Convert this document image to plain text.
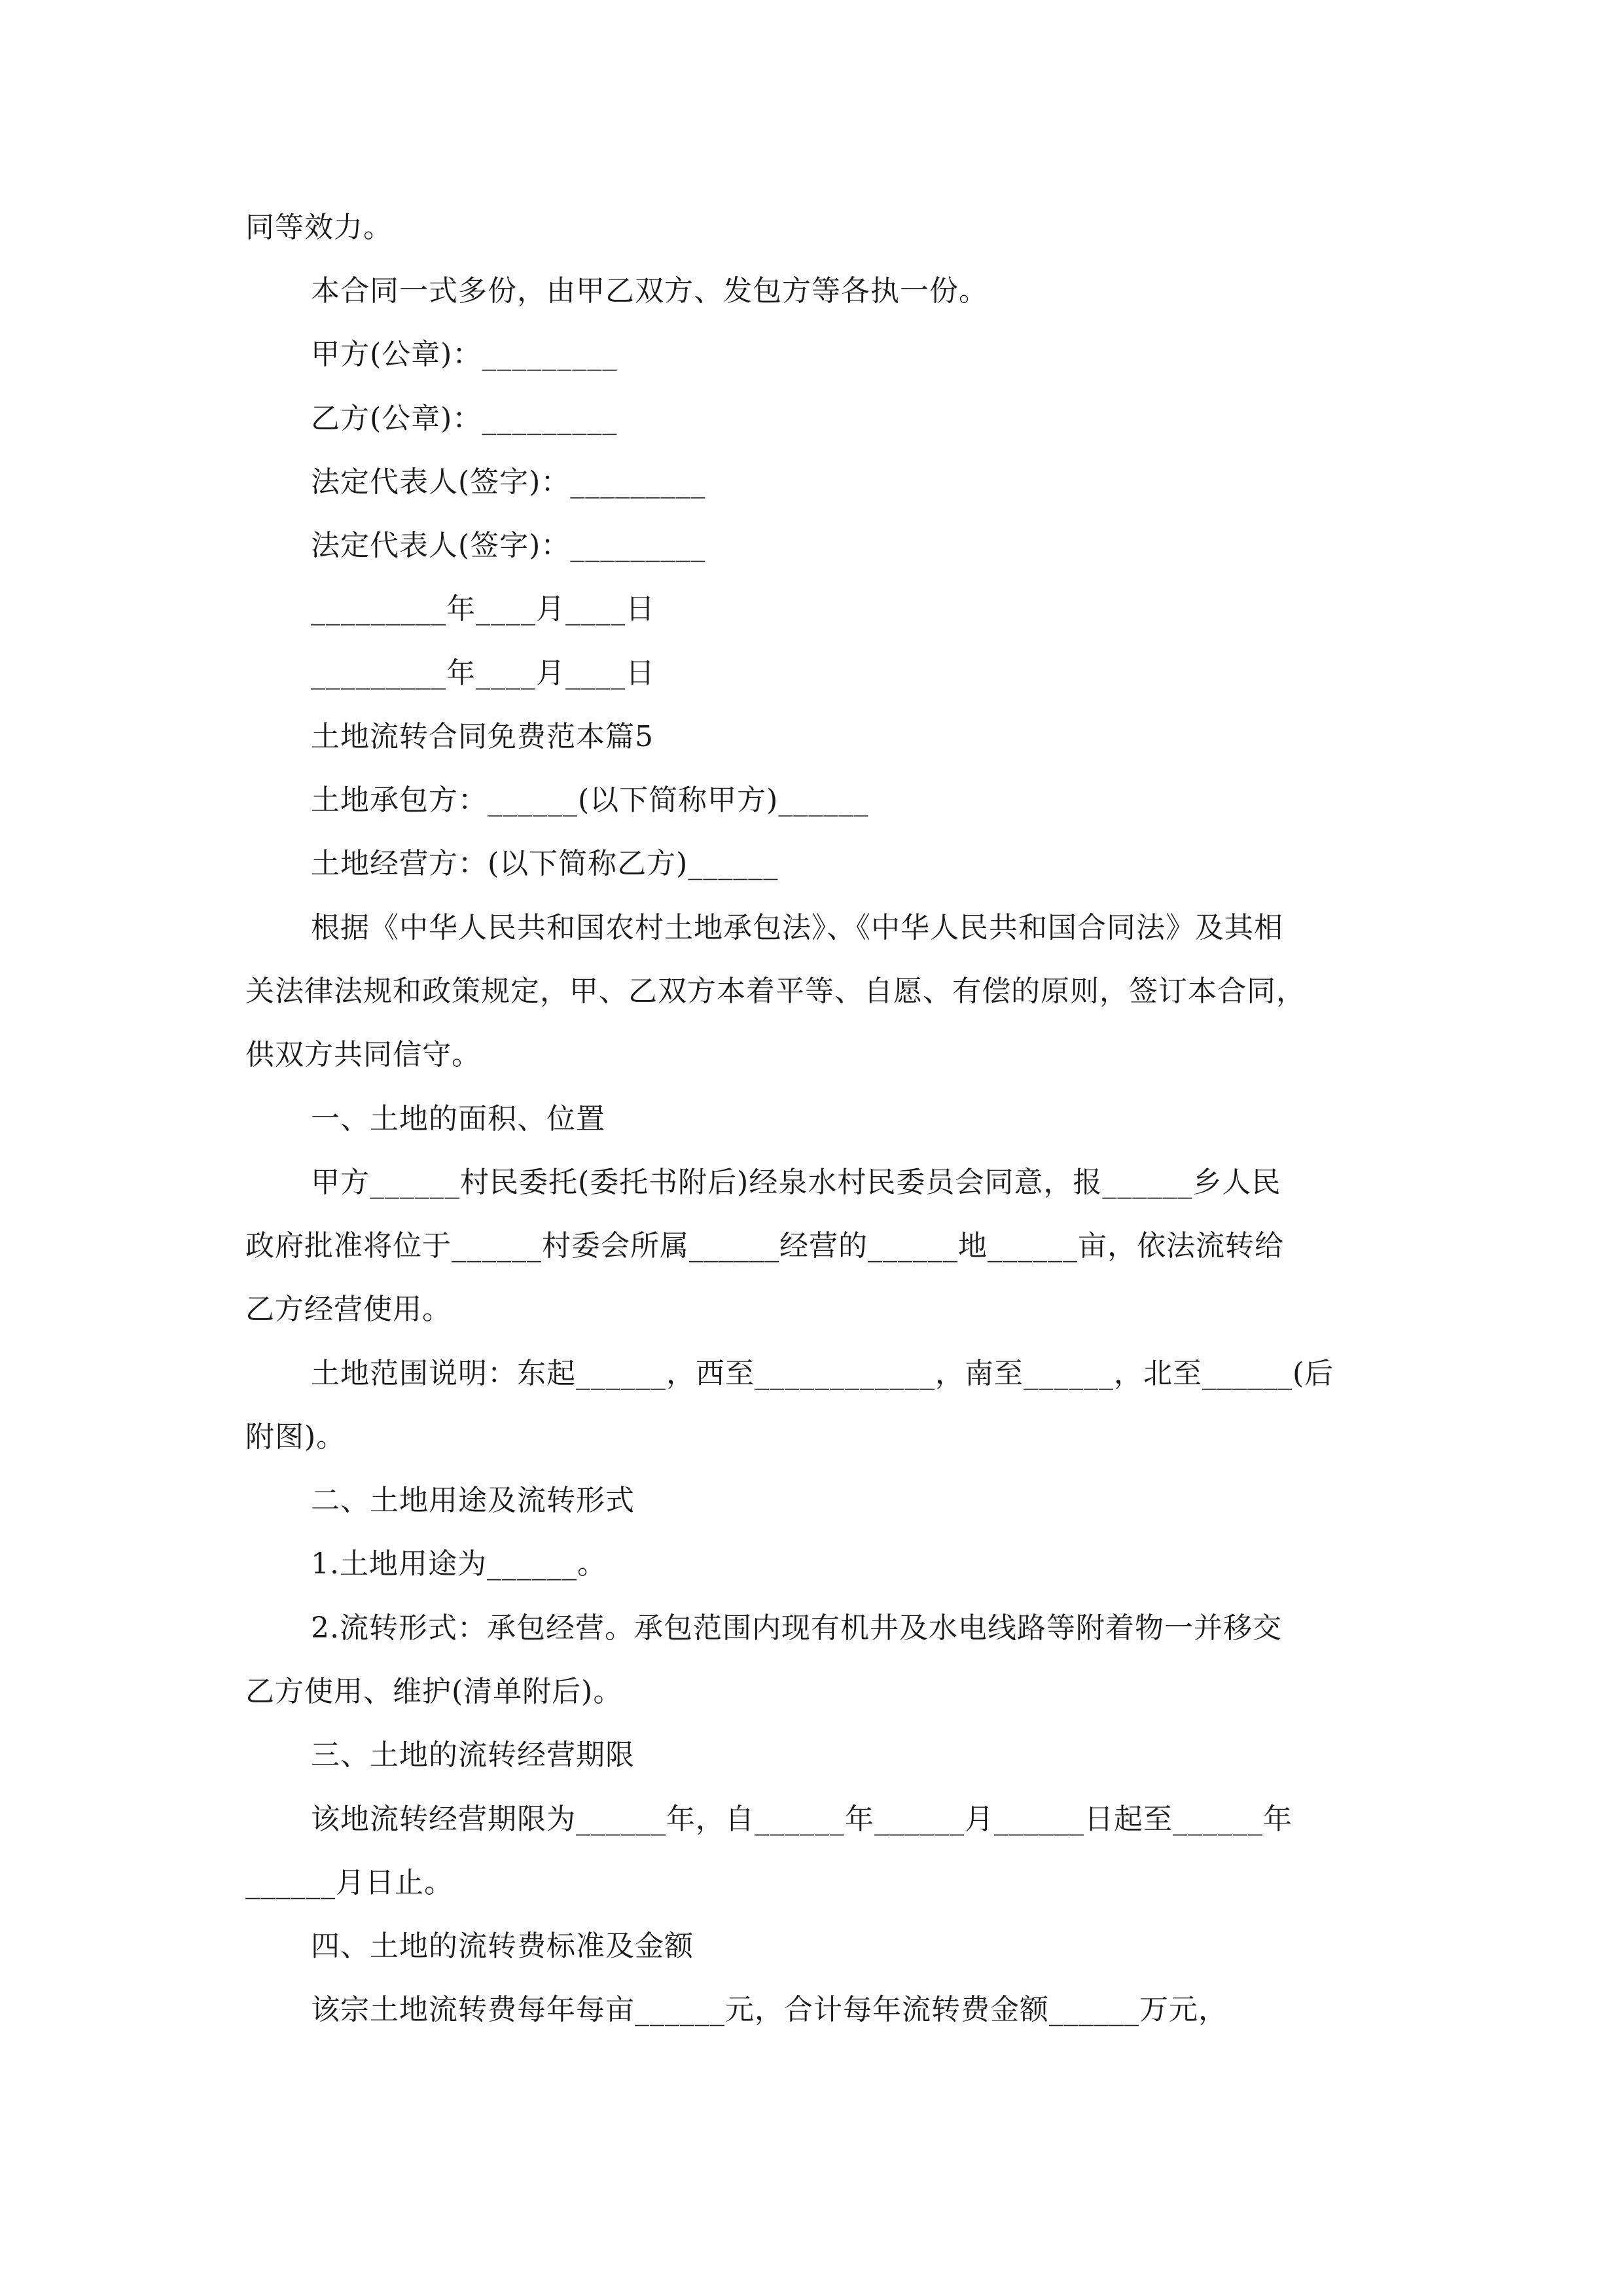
同等效力。
本合同一式多份，由甲乙双方、发包方等各执一份。
甲方(公章)：_________
乙方(公章)：_________
法定代表人(签字)：_________
法定代表人(签字)：_________
_________年____月____日
_________年____月____日
土地流转合同免费范本篇5
土地承包方：______(以下简称甲方)______
土地经营方：(以下简称乙方)______
根据《中华人民共和国农村土地承包法》、《中华人民共和国合同法》及其相
关法律法规和政策规定，甲、乙双方本着平等、自愿、有偿的原则，签订本合同，
供双方共同信守。
一、土地的面积、位置
甲方______村民委托(委托书附后)经泉水村民委员会同意，报______乡人民
政府批准将位于______村委会所属______经营的______地______亩，依法流转给
乙方经营使用。
土地范围说明：东起______，西至____________，南至______，北至______(后
附图)。
二、土地用途及流转形式
1.土地用途为______。
2.流转形式：承包经营。承包范围内现有机井及水电线路等附着物一并移交
乙方使用、维护(清单附后)。
三、土地的流转经营期限
该地流转经营期限为______年，自______年______月______日起至______年
______月日止。
四、土地的流转费标准及金额
该宗土地流转费每年每亩______元，合计每年流转费金额______万元，
